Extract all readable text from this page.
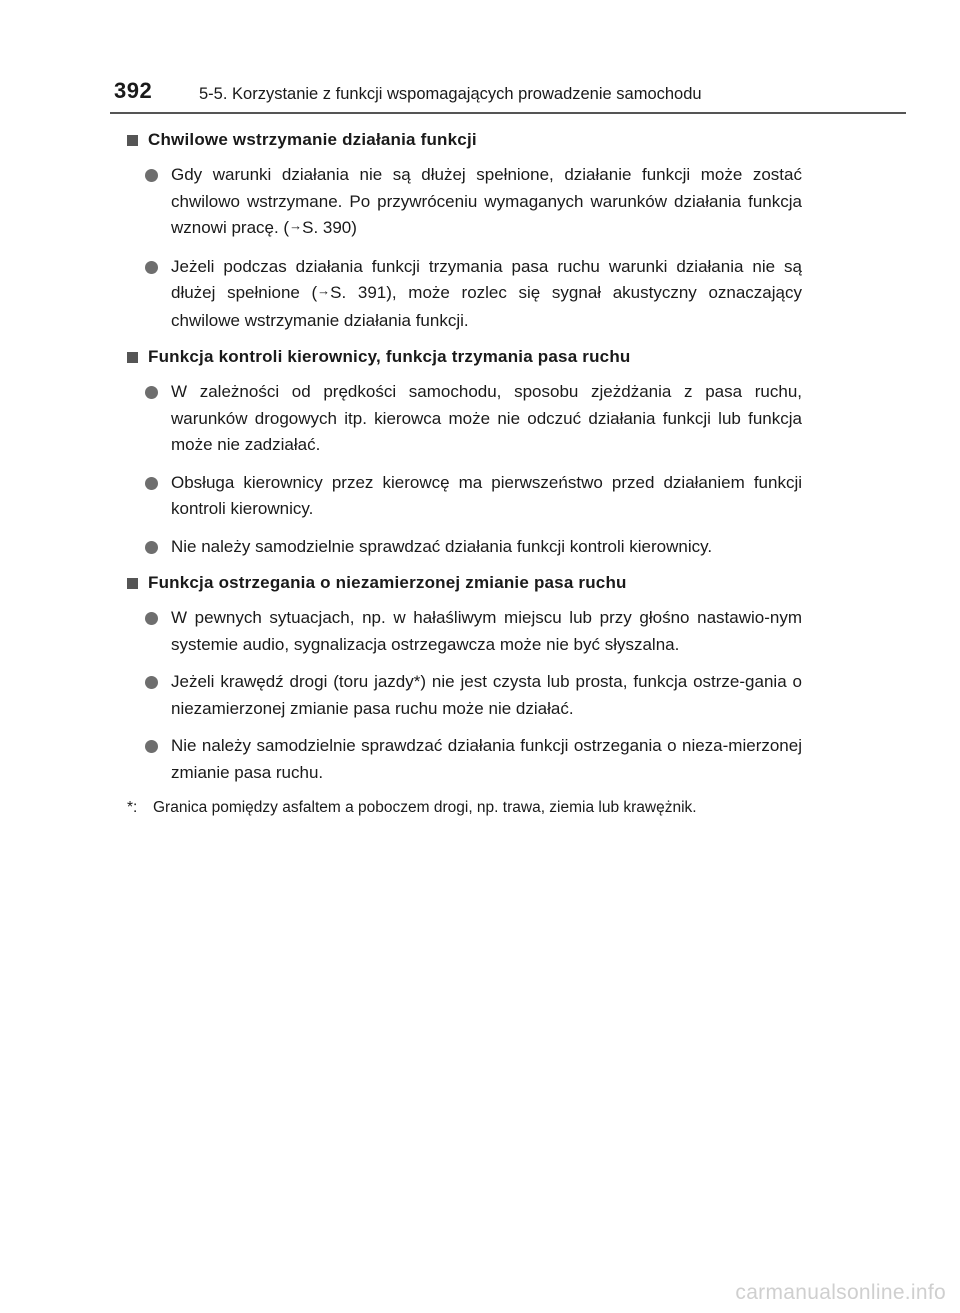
392	5-5. Korzystanie z funkcji wspomagających prowadzenie samochodu
Chwilowe wstrzymanie działania funkcji
Gdy warunki działania nie są dłużej spełnione, działanie funkcji może zostać chwilowo wstrzymane. Po przywróceniu wymaganych warunków działania funkcja wznowi pracę. (→S. 390)
Jeżeli podczas działania funkcji trzymania pasa ruchu warunki działania nie są dłużej spełnione (→S. 391), może rozlec się sygnał akustyczny oznaczający chwilowe wstrzymanie działania funkcji.
Funkcja kontroli kierownicy, funkcja trzymania pasa ruchu
W zależności od prędkości samochodu, sposobu zjeżdżania z pasa ruchu, warunków drogowych itp. kierowca może nie odczuć działania funkcji lub funkcja może nie zadziałać.
Obsługa kierownicy przez kierowcę ma pierwszeństwo przed działaniem funkcji kontroli kierownicy.
Nie należy samodzielnie sprawdzać działania funkcji kontroli kierownicy.
Funkcja ostrzegania o niezamierzonej zmianie pasa ruchu
W pewnych sytuacjach, np. w hałaśliwym miejscu lub przy głośno nastawio-nym systemie audio, sygnalizacja ostrzegawcza może nie być słyszalna.
Jeżeli krawędź drogi (toru jazdy*) nie jest czysta lub prosta, funkcja ostrze-gania o niezamierzonej zmianie pasa ruchu może nie działać.
Nie należy samodzielnie sprawdzać działania funkcji ostrzegania o nieza-mierzonej zmianie pasa ruchu.
*: Granica pomiędzy asfaltem a poboczem drogi, np. trawa, ziemia lub krawężnik.
carmanualsonline.info
